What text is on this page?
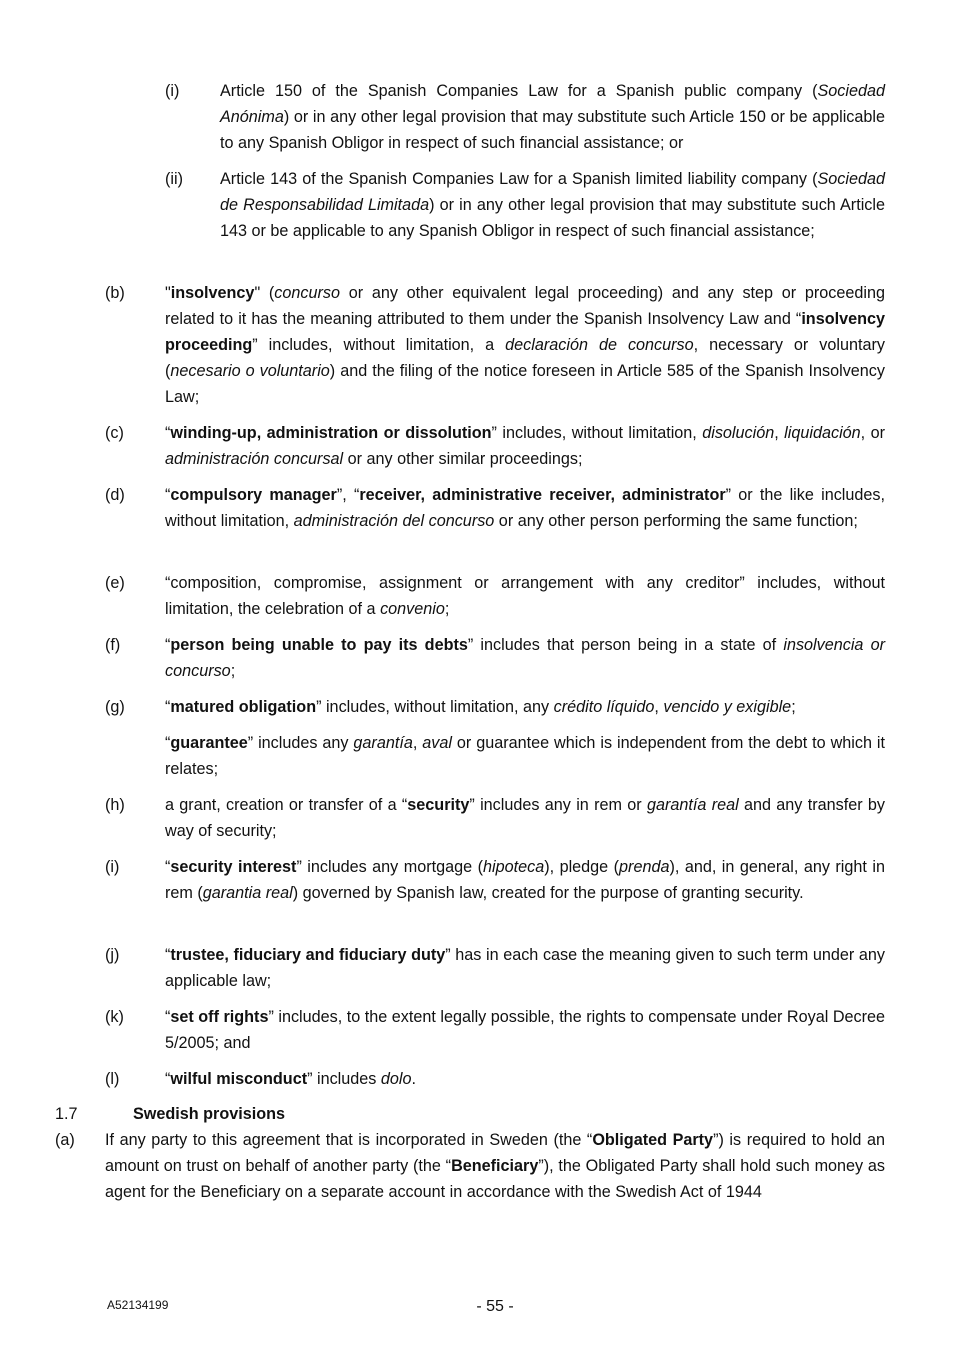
(i)	Article 150 of the Spanish Companies Law for a Spanish public company (Sociedad Anónima) or in any other legal provision that may substitute such Article 150 or be applicable to any Spanish Obligor in respect of such financial assistance; or
(ii) Article 143 of the Spanish Companies Law for a Spanish limited liability company (Sociedad de Responsabilidad Limitada) or in any other legal provision that may substitute such Article 143 or be applicable to any Spanish Obligor in respect of such financial assistance;
(b) "insolvency" (concurso or any other equivalent legal proceeding) and any step or proceeding related to it has the meaning attributed to them under the Spanish Insolvency Law and “insolvency proceeding” includes, without limitation, a declaración de concurso, necessary or voluntary (necesario o voluntario) and the filing of the notice foreseen in Article 585 of the Spanish Insolvency Law;
(c)	“winding-up, administration or dissolution” includes, without limitation, disolución, liquidación, or administración concursal or any other similar proceedings;
(d) “compulsory manager”, “receiver, administrative receiver, administrator” or the like includes, without limitation, administración del concurso or any other person performing the same function;
(e) “composition, compromise, assignment or arrangement with any creditor” includes, without limitation, the celebration of a convenio;
(f)	“person being unable to pay its debts” includes that person being in a state of insolvencia or concurso;
(g) “matured obligation” includes, without limitation, any crédito líquido, vencido y exigible;
“guarantee” includes any garantía, aval or guarantee which is independent from the debt to which it relates;
(h) a grant, creation or transfer of a “security” includes any in rem or garantía real and any transfer by way of security;
(i)	“security interest” includes any mortgage (hipoteca), pledge (prenda), and, in general, any right in rem (garantia real) governed by Spanish law, created for the purpose of granting security.
(j)	“trustee, fiduciary and fiduciary duty” has in each case the meaning given to such term under any applicable law;
(k)	“set off rights” includes, to the extent legally possible, the rights to compensate under Royal Decree 5/2005; and
(l)	“wilful misconduct” includes dolo.
1.7	Swedish provisions
(a) If any party to this agreement that is incorporated in Sweden (the “Obligated Party”) is required to hold an amount on trust on behalf of another party (the “Beneficiary”), the Obligated Party shall hold such money as agent for the Beneficiary on a separate account in accordance with the Swedish Act of 1944
A52134199	- 55 -
